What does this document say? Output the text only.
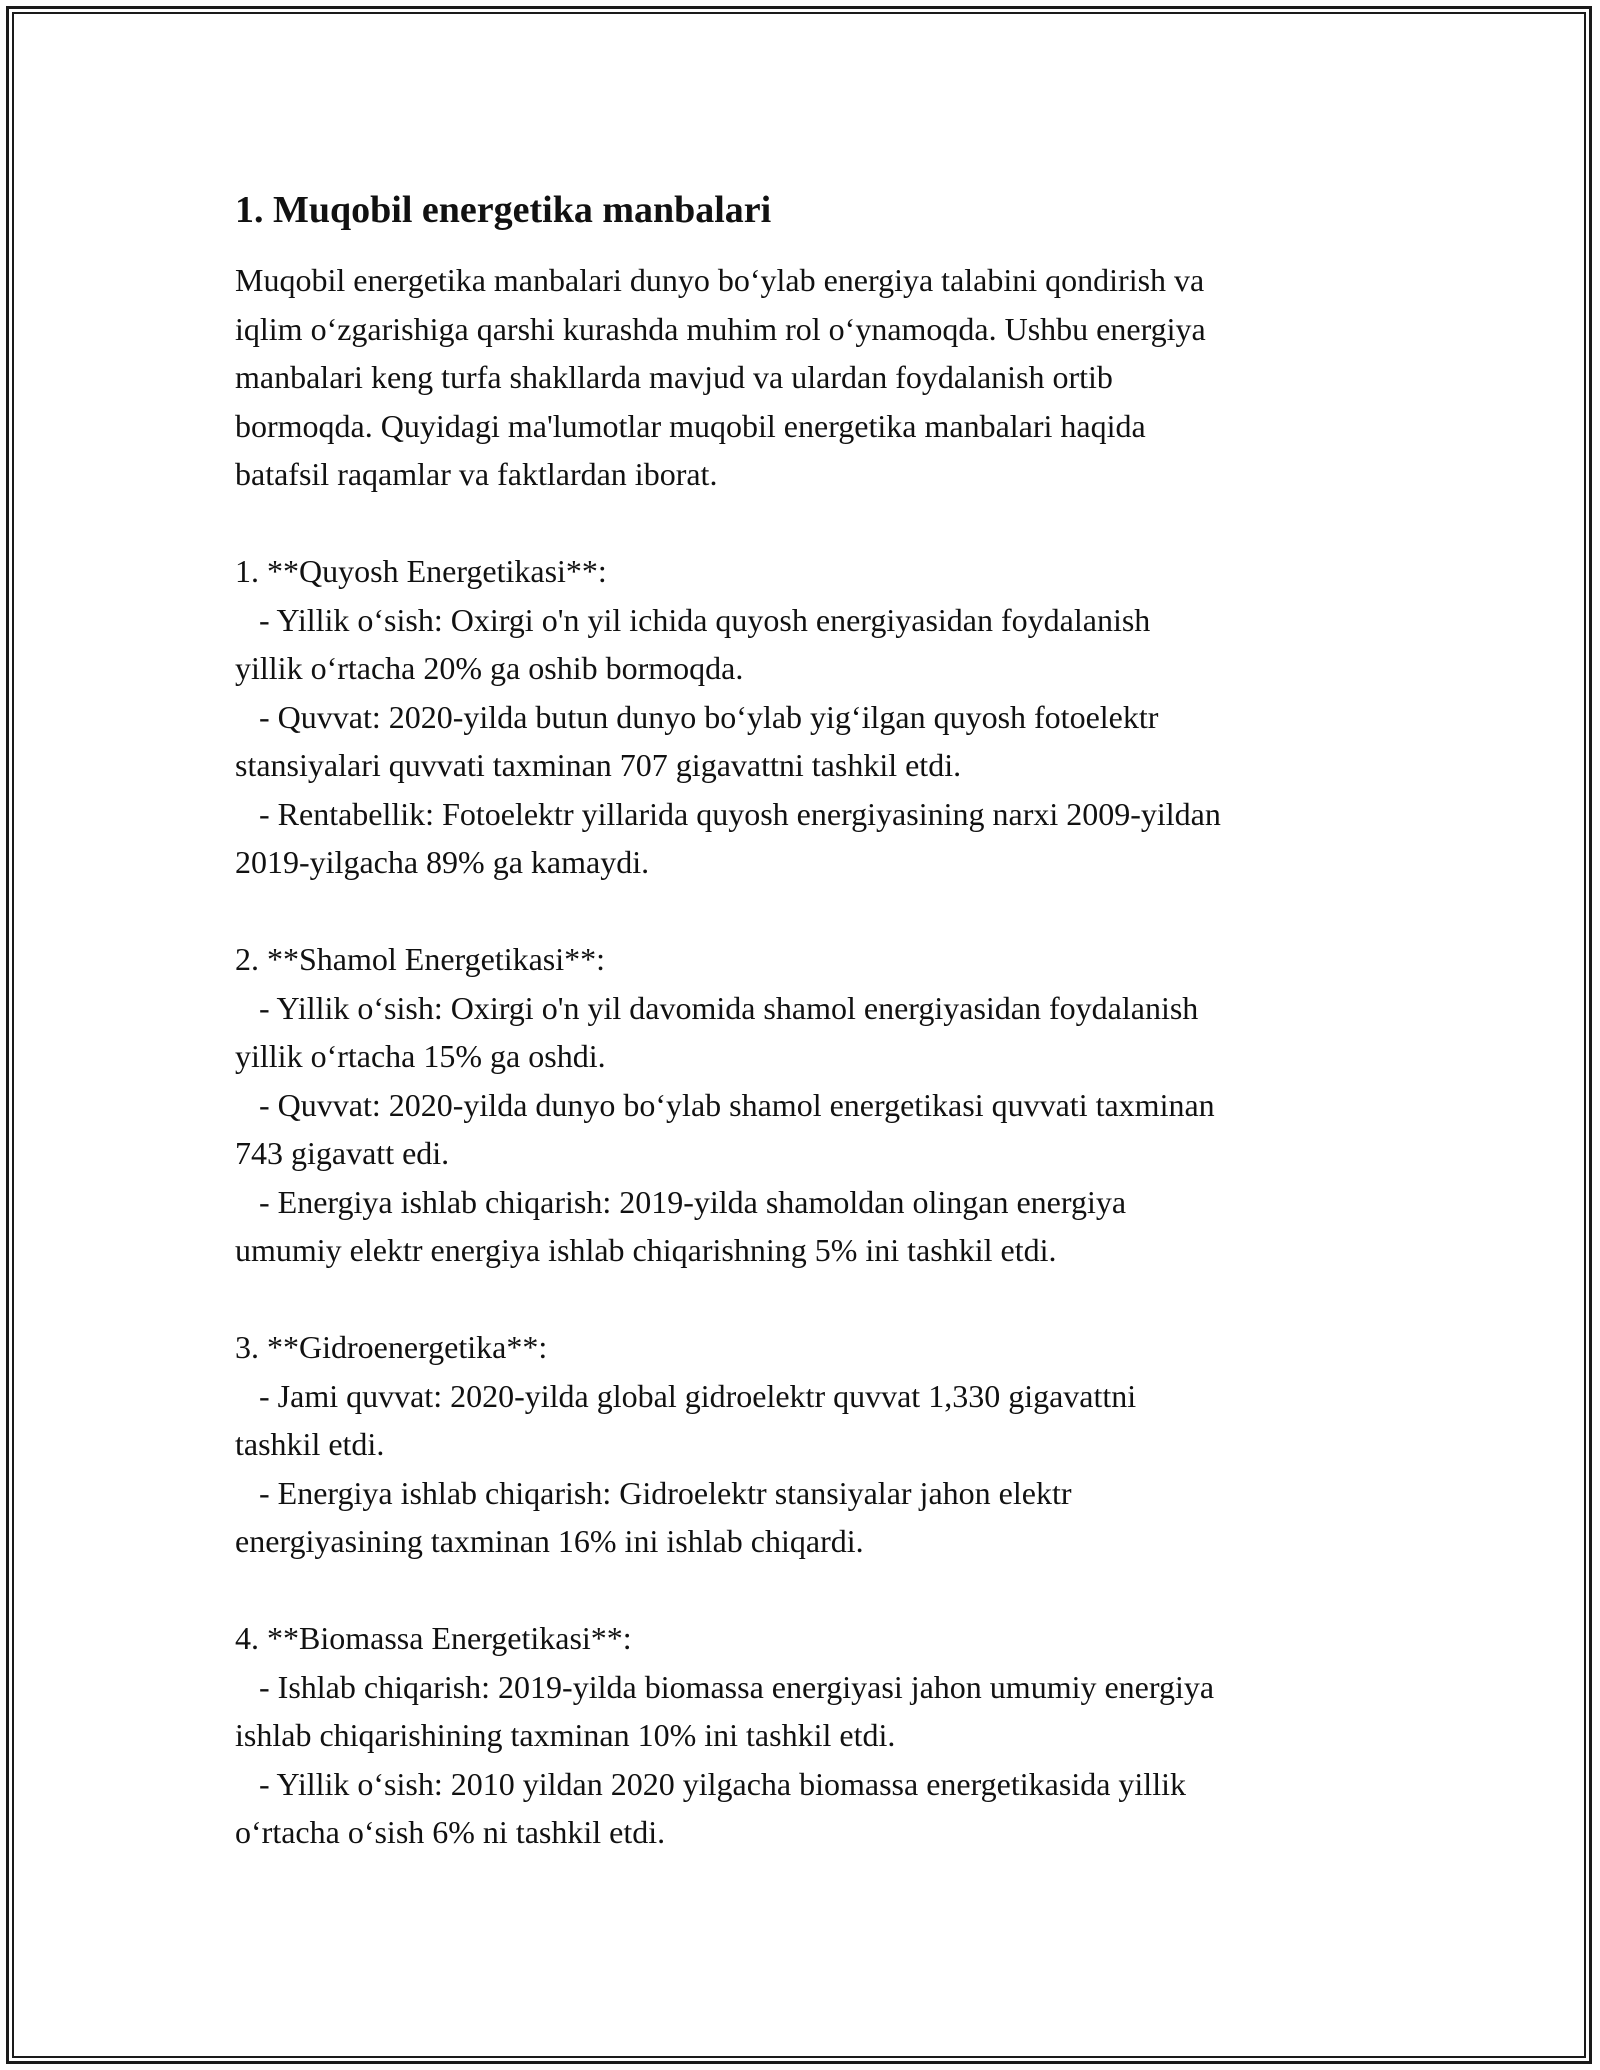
1. Muqobil energetika manbalari

Muqobil energetika manbalari dunyo bo‘ylab energiya talabini qondirish va
iqlim o‘zgarishiga qarshi kurashda muhim rol o‘ynamoqda. Ushbu energiya
manbalari keng turfa shakllarda mavjud va ulardan foydalanish ortib
bormoqda. Quyidagi ma'lumotlar muqobil energetika manbalari haqida
batafsil raqamlar va faktlardan iborat.

1. **Quyosh Energetikasi**:

- Yillik o‘sish: Oxirgi o'n yil ichida quyosh energiyasidan foydalanish
yillik o‘rtacha 20% ga oshib bormoqda.

- Quvvat: 2020-yilda butun dunyo bo‘ylab yig‘ilgan quyosh fotoelektr
stansiyalari quvvati taxminan 707 gigavattni tashkil etdi.

- Rentabellik: Fotoelektr yillarida quyosh energiyasining narxi 2009-yildan
2019-yilgacha 89% ga kamaydi.

2. **Shamol Energetikasi**:

- Yillik o‘sish: Oxirgi o'n yil davomida shamol energiyasidan foydalanish
yillik o‘rtacha 15% ga oshdi.

- Quvvat: 2020-yilda dunyo bo‘ylab shamol energetikasi quvvati taxminan
743 gigavatt edi.

- Energiya ishlab chiqarish: 2019-yilda shamoldan olingan energiya
umumiy elektr energiya ishlab chiqarishning 5% ini tashkil etdi.

3. **Gidroenergetika**:

- Jami quvvat: 2020-yilda global gidroelektr quvvat 1,330 gigavattni
tashkil etdi.

- Energiya ishlab chiqarish: Gidroelektr stansiyalar jahon elektr
energiyasining taxminan 16% ini ishlab chiqardi.

4. **Biomassa Energetikasi**:

- Ishlab chiqarish: 2019-yilda biomassa energiyasi jahon umumiy energiya
ishlab chiqarishining taxminan 10% ini tashkil etdi.

- Yillik o‘sish: 2010 yildan 2020 yilgacha biomassa energetikasida yillik
o‘rtacha o‘sish 6% ni tashkil etdi.
